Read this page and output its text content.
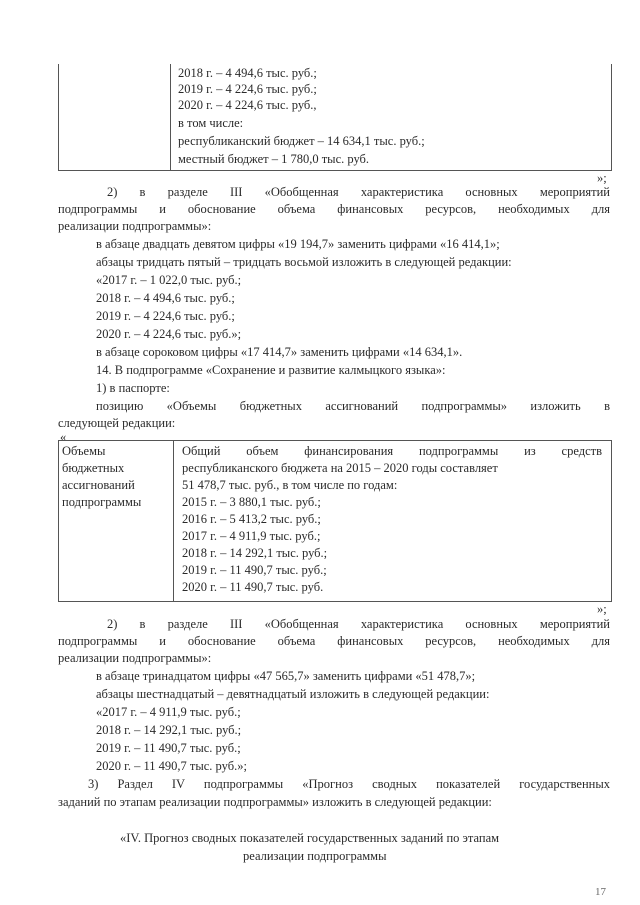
2018 г. – 4 494,6 тыс. руб.;
2019 г. – 4 224,6 тыс. руб.;
2020 г. – 4 224,6 тыс. руб.,
в том числе:
республиканский бюджет – 14 634,1 тыс. руб.;
местный бюджет – 1 780,0 тыс. руб.
»;
2) в разделе III «Обобщенная характеристика основных мероприятий
подпрограммы и обоснование объема финансовых ресурсов, необходимых для
реализации подпрограммы»:
в абзаце двадцать девятом цифры «19 194,7» заменить цифрами «16 414,1»;
абзацы тридцать пятый – тридцать восьмой изложить в следующей редакции:
«2017 г. – 1 022,0 тыс. руб.;
2018 г. – 4 494,6 тыс. руб.;
2019 г. – 4 224,6 тыс. руб.;
2020 г. – 4 224,6 тыс. руб.»;
в абзаце сороковом цифры «17 414,7» заменить цифрами «14 634,1».
14. В подпрограмме «Сохранение и развитие калмыцкого языка»:
1) в паспорте:
позицию «Объемы бюджетных ассигнований подпрограммы» изложить в
следующей редакции:
«
Объемы
бюджетных
ассигнований
подпрограммы
Общий объем финансирования подпрограммы из средств
республиканского бюджета на 2015 – 2020 годы составляет
51 478,7 тыс. руб., в том числе по годам:
2015 г. – 3 880,1 тыс. руб.;
2016 г. – 5 413,2 тыс. руб.;
2017 г. – 4 911,9 тыс. руб.;
2018 г. – 14 292,1 тыс. руб.;
2019 г. – 11 490,7 тыс. руб.;
2020 г. – 11 490,7 тыс. руб.
»;
2) в разделе III «Обобщенная характеристика основных мероприятий
подпрограммы и обоснование объема финансовых ресурсов, необходимых для
реализации подпрограммы»:
в абзаце тринадцатом цифры «47 565,7» заменить цифрами «51 478,7»;
абзацы шестнадцатый – девятнадцатый изложить в следующей редакции:
«2017 г. – 4 911,9 тыс. руб.;
2018 г. – 14 292,1 тыс. руб.;
2019 г. – 11 490,7 тыс. руб.;
2020 г. – 11 490,7 тыс. руб.»;
3) Раздел IV подпрограммы «Прогноз сводных показателей государственных
заданий по этапам реализации подпрограммы» изложить в следующей редакции:
«IV. Прогноз сводных показателей государственных заданий по этапам
реализации подпрограммы
17
